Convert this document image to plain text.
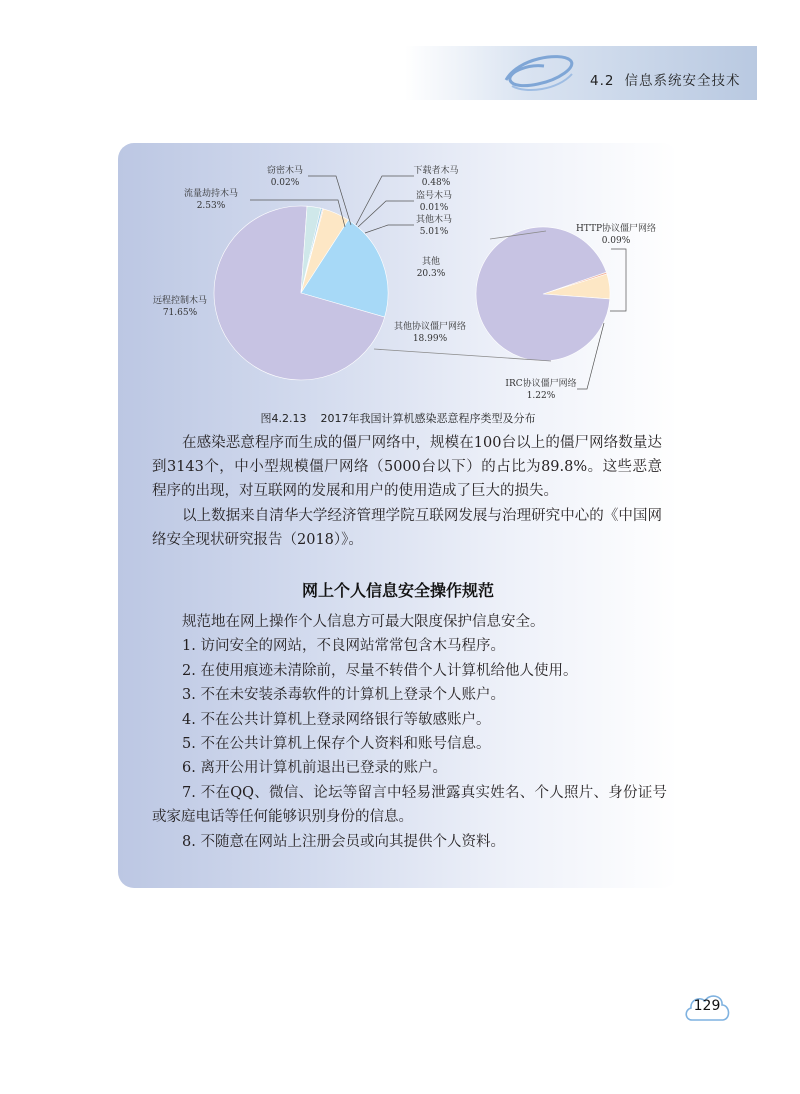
4.2 信息系统安全技术
窃密木马
0.02%
流量劫持木马
2.53%
下载者木马
0.48%
盗号木马
0.01%
其他木马
5.01%
其他
20.3%
远程控制木马
71.65%
其他协议僵尸网络
18.99%
HTTP协议僵尸网络
0.09%
IRC协议僵尸网络
1.22%
图4.2.13 2017年我国计算机感染恶意程序类型及分布

在感染恶意程序而生成的僵尸网络中，规模在100台以上的僵尸网络数量达到3143个，中小型规模僵尸网络（5000台以下）的占比为89.8%。这些恶意程序的出现，对互联网的发展和用户的使用造成了巨大的损失。

以上数据来自清华大学经济管理学院互联网发展与治理研究中心的《中国网络安全现状研究报告（2018）》。

网上个人信息安全操作规范
规范地在网上操作个人信息方可最大限度保护信息安全。
1. 访问安全的网站，不良网站常常包含木马程序。
2. 在使用痕迹未清除前，尽量不转借个人计算机给他人使用。
3. 不在未安装杀毒软件的计算机上登录个人账户。
4. 不在公共计算机上登录网络银行等敏感账户。
5. 不在公共计算机上保存个人资料和账号信息。
6. 离开公用计算机前退出已登录的账户。
7. 不在QQ、微信、论坛等留言中轻易泄露真实姓名、个人照片、身份证号或家庭电话等任何能够识别身份的信息。
8. 不随意在网站上注册会员或向其提供个人资料。
129
